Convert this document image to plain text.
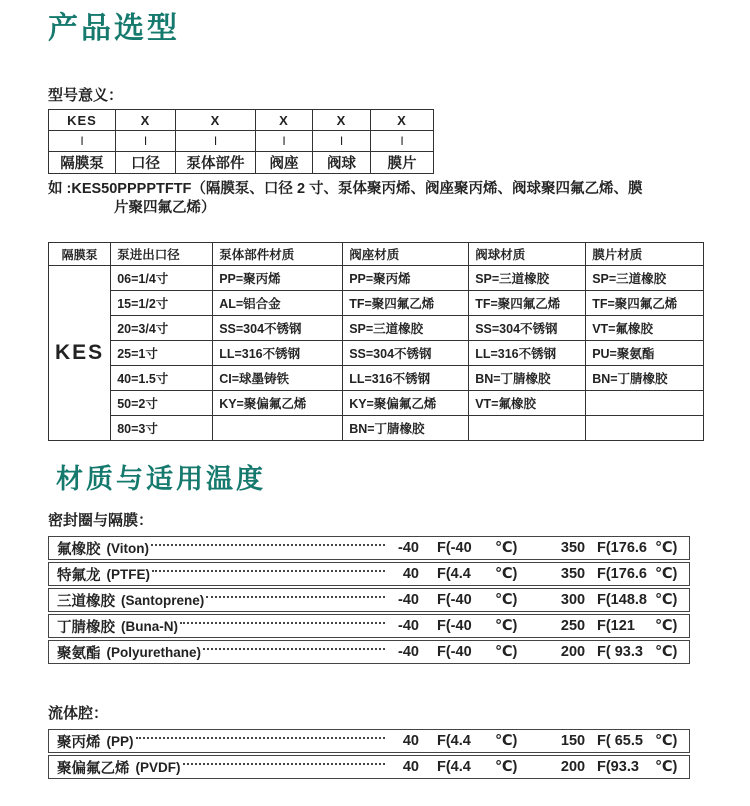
产品选型
型号意义：
KES	X	X	X	X	X
I	I	I	I	I	I
隔膜泵	口径	泵体部件	阀座	阀球	膜片
如 :KES50PPPPTFTF（隔膜泵、口径 2 寸、泵体聚丙烯、阀座聚丙烯、阀球聚四氟乙烯、膜
片聚四氟乙烯）
隔膜泵	泵进出口径	泵体部件材质	阀座材质	阀球材质	膜片材质
KES	06=1/4寸	PP=聚丙烯	PP=聚丙烯	SP=三道橡胶	SP=三道橡胶
	15=1/2寸	AL=铝合金	TF=聚四氟乙烯	TF=聚四氟乙烯	TF=聚四氟乙烯
	20=3/4寸	SS=304不锈钢	SP=三道橡胶	SS=304不锈钢	VT=氟橡胶
	25=1寸	LL=316不锈钢	SS=304不锈钢	LL=316不锈钢	PU=聚氨酯
	40=1.5寸	CI=球墨铸铁	LL=316不锈钢	BN=丁腈橡胶	BN=丁腈橡胶
	50=2寸	KY=聚偏氟乙烯	KY=聚偏氟乙烯	VT=氟橡胶	
	80=3寸		BN=丁腈橡胶		
材质与适用温度
密封圈与隔膜：
氟橡胶 (Viton)	-40 F(-40	℃)	350 F(176.6 ℃)
特氟龙 (PTFE)	40 F(4.4	℃)	350 F(176.6 ℃)
三道橡胶 (Santoprene)	-40 F(-40	℃)	300 F(148.8 ℃)
丁腈橡胶 (Buna-N)	-40 F(-40	℃)	250 F(121	℃)
聚氨酯 (Polyurethane)	-40 F(-40	℃)	200 F( 93.3 ℃)
流体腔：
聚丙烯 (PP)	40 F(4.4	℃)	150 F( 65.5 ℃)
聚偏氟乙烯 (PVDF)	40 F(4.4	℃)	200 F(93.3	℃)
